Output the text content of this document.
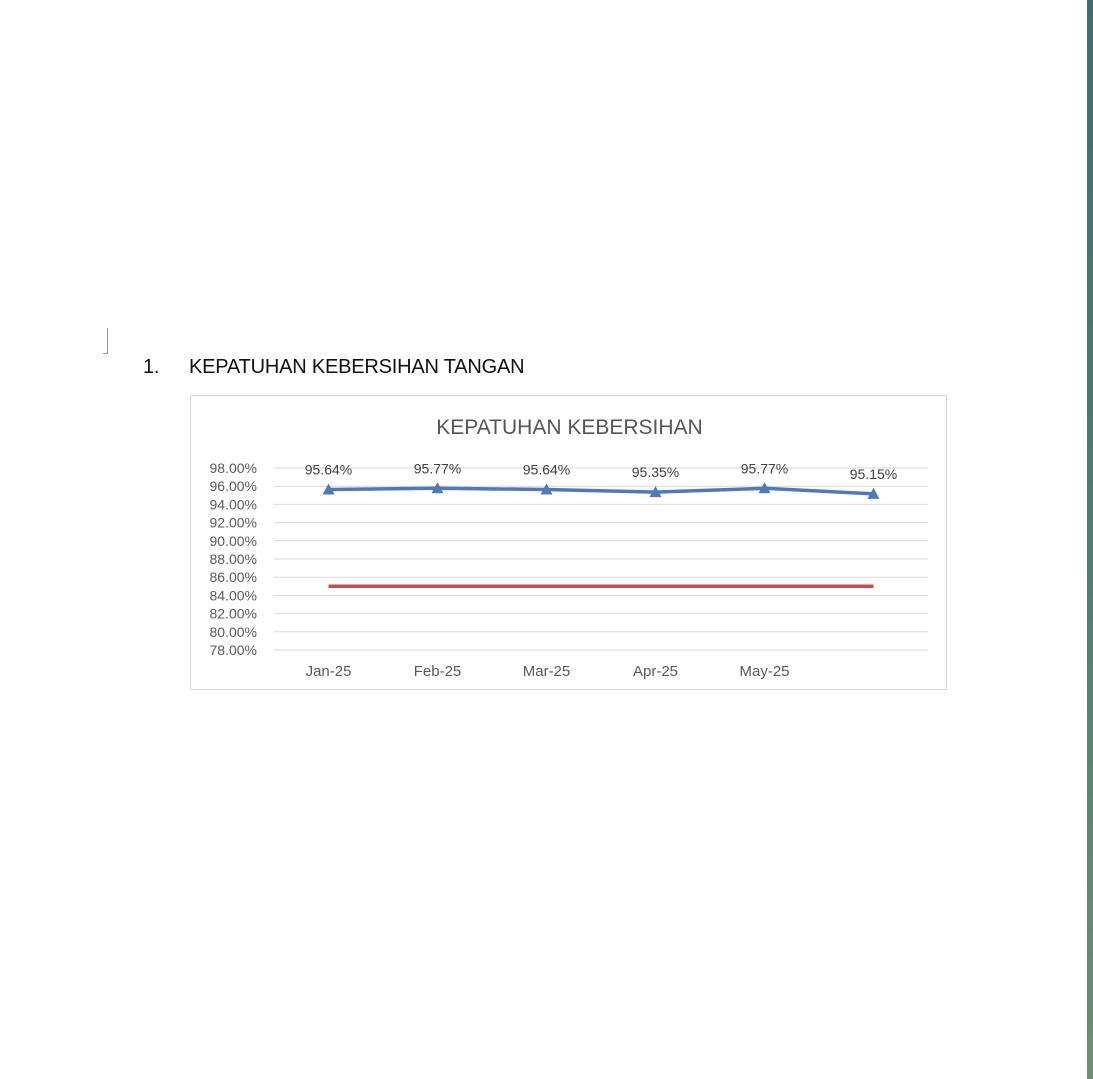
1. KEPATUHAN KEBERSIHAN TANGAN
KEPATUHAN KEBERSIHAN
98.00%
96.00%
94.00%
92.00%
90.00%
88.00%
86.00%
84.00%
82.00%
80.00%
78.00%
Jan-25	Feb-25	Mar-25	Apr-25	May-25
95.64%	95.77%	95.64%	95.35%	95.77%	95.15%
